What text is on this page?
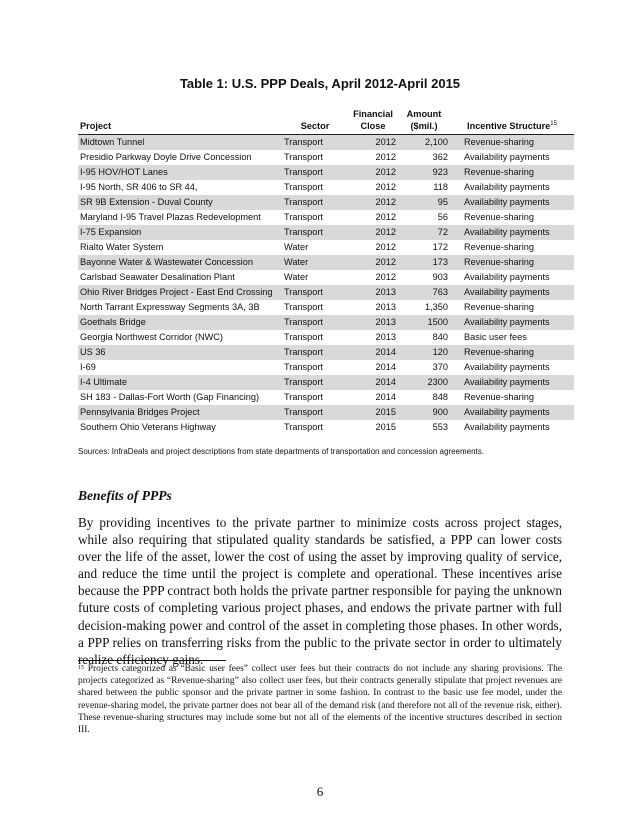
Table 1: U.S. PPP Deals, April 2012-April 2015
Project	Sector	Financial Close	Amount ($mil.)	Incentive Structure$^{15}$
Midtown Tunnel	Transport	2012	2,100	Revenue-sharing
Presidio Parkway Doyle Drive Concession	Transport	2012	362	Availability payments
I-95 HOV/HOT Lanes	Transport	2012	923	Revenue-sharing
I-95 North, SR 406 to SR 44,	Transport	2012	118	Availability payments
SR 9B Extension - Duval County	Transport	2012	95	Availability payments
Maryland I-95 Travel Plazas Redevelopment	Transport	2012	56	Revenue-sharing
I-75 Expansion	Transport	2012	72	Availability payments
Rialto Water System	Water	2012	172	Revenue-sharing
Bayonne Water & Wastewater Concession	Water	2012	173	Revenue-sharing
Carlsbad Seawater Desalination Plant	Water	2012	903	Availability payments
Ohio River Bridges Project - East End Crossing	Transport	2013	763	Availability payments
North Tarrant Expressway Segments 3A, 3B	Transport	2013	1,350	Revenue-sharing
Goethals Bridge	Transport	2013	1500	Availability payments
Georgia Northwest Corridor (NWC)	Transport	2013	840	Basic user fees
US 36	Transport	2014	120	Revenue-sharing
I-69	Transport	2014	370	Availability payments
I-4 Ultimate	Transport	2014	2300	Availability payments
SH 183 - Dallas-Fort Worth (Gap Financing)	Transport	2014	848	Revenue-sharing
Pennsylvania Bridges Project	Transport	2015	900	Availability payments
Southern Ohio Veterans Highway	Transport	2015	553	Availability payments
Sources: InfraDeals and project descriptions from state departments of transportation and concession agreements.
Benefits of PPPs

By providing incentives to the private partner to minimize costs across project stages, while also requiring that stipulated quality standards be satisfied, a PPP can lower costs over the life of the asset, lower the cost of using the asset by improving quality of service, and reduce the time until the project is complete and operational. These incentives arise because the PPP contract both holds the private partner responsible for paying the unknown future costs of completing various project phases, and endows the private partner with full decision-making power and control of the asset in completing those phases. In other words, a PPP relies on transferring risks from the public to the private sector in order to ultimately realize efficiency gains.

$^{15}$ Projects categorized as “Basic user fees” collect user fees but their contracts do not include any sharing provisions. The projects categorized as “Revenue-sharing” also collect user fees, but their contracts generally stipulate that project revenues are shared between the public sponsor and the private partner in some fashion. In contrast to the basic use fee model, under the revenue-sharing model, the private partner does not bear all of the demand risk (and therefore not all of the revenue risk, either). These revenue-sharing structures may include some but not all of the elements of the incentive structures described in section III.

6
